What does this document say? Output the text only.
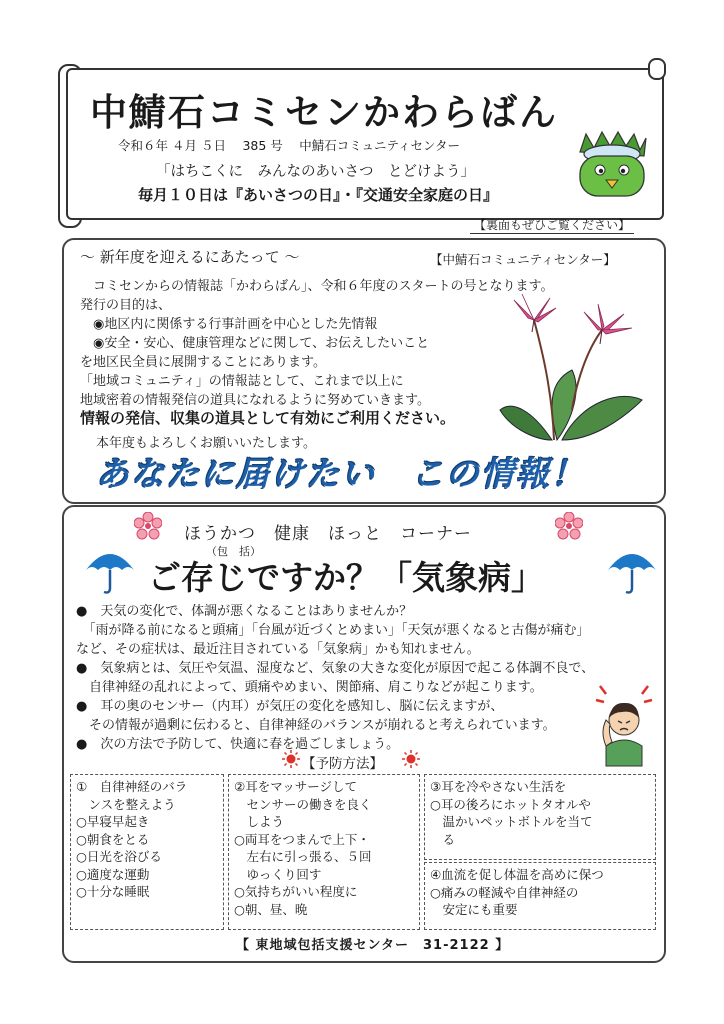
中鯖石コミセンかわらばん
令和６年 ４月 ５日　 385 号　 中鯖石コミュニティセンター
「はちこくに　みんなのあいさつ　とどけよう」
毎月１０日は『あいさつの日』・『交通安全家庭の日』
【裏面もぜひご覧ください】
～ 新年度を迎えるにあたって ～	【中鯖石コミュニティセンター】
　コミセンからの情報誌「かわらばん」、令和６年度のスタートの号となります。
発行の目的は、
　◉地区内に関係する行事計画を中心とした先情報
　◉安全・安心、健康管理などに関して、お伝えしたいこと
を地区民全員に展開することにあります。
「地域コミュニティ」の情報誌として、これまで以上に
地域密着の情報発信の道具になれるように努めていきます。
情報の発信、収集の道具として有効にご利用ください。
本年度もよろしくお願いいたします。
あなたに届けたい　この情報！
ほうかつ　健康　ほっと　コーナー
（包　括）
ご存じですか？「気象病」
●　天気の変化で、体調が悪くなることはありませんか？
　「雨が降る前になると頭痛」「台風が近づくとめまい」「天気が悪くなると古傷が痛む」
など、その症状は、最近注目されている「気象病」かも知れません。
●　気象病とは、気圧や気温、湿度など、気象の大きな変化が原因で起こる体調不良で、
　自律神経の乱れによって、頭痛やめまい、関節痛、肩こりなどが起こります。
●　耳の奥のセンサー（内耳）が気圧の変化を感知し、脳に伝えますが、
　その情報が過剰に伝わると、自律神経のバランスが崩れると考えられています。
●　次の方法で予防して、快適に春を過ごしましょう。
【予防方法】
①　自律神経のバラ
　ンスを整えよう
○早寝早起き
○朝食をとる
○日光を浴びる
○適度な運動
○十分な睡眠
②耳をマッサージして
　センサーの働きを良く
　しよう
○両耳をつまんで上下・
　左右に引っ張る、５回
　ゆっくり回す
○気持ちがいい程度に
○朝、昼、晩
③耳を冷やさない生活を
○耳の後ろにホットタオルや
　温かいペットボトルを当て
　る
④血流を促し体温を高めに保つ
○痛みの軽減や自律神経の
　安定にも重要
【 東地域包括支援センター　31-2122 】
